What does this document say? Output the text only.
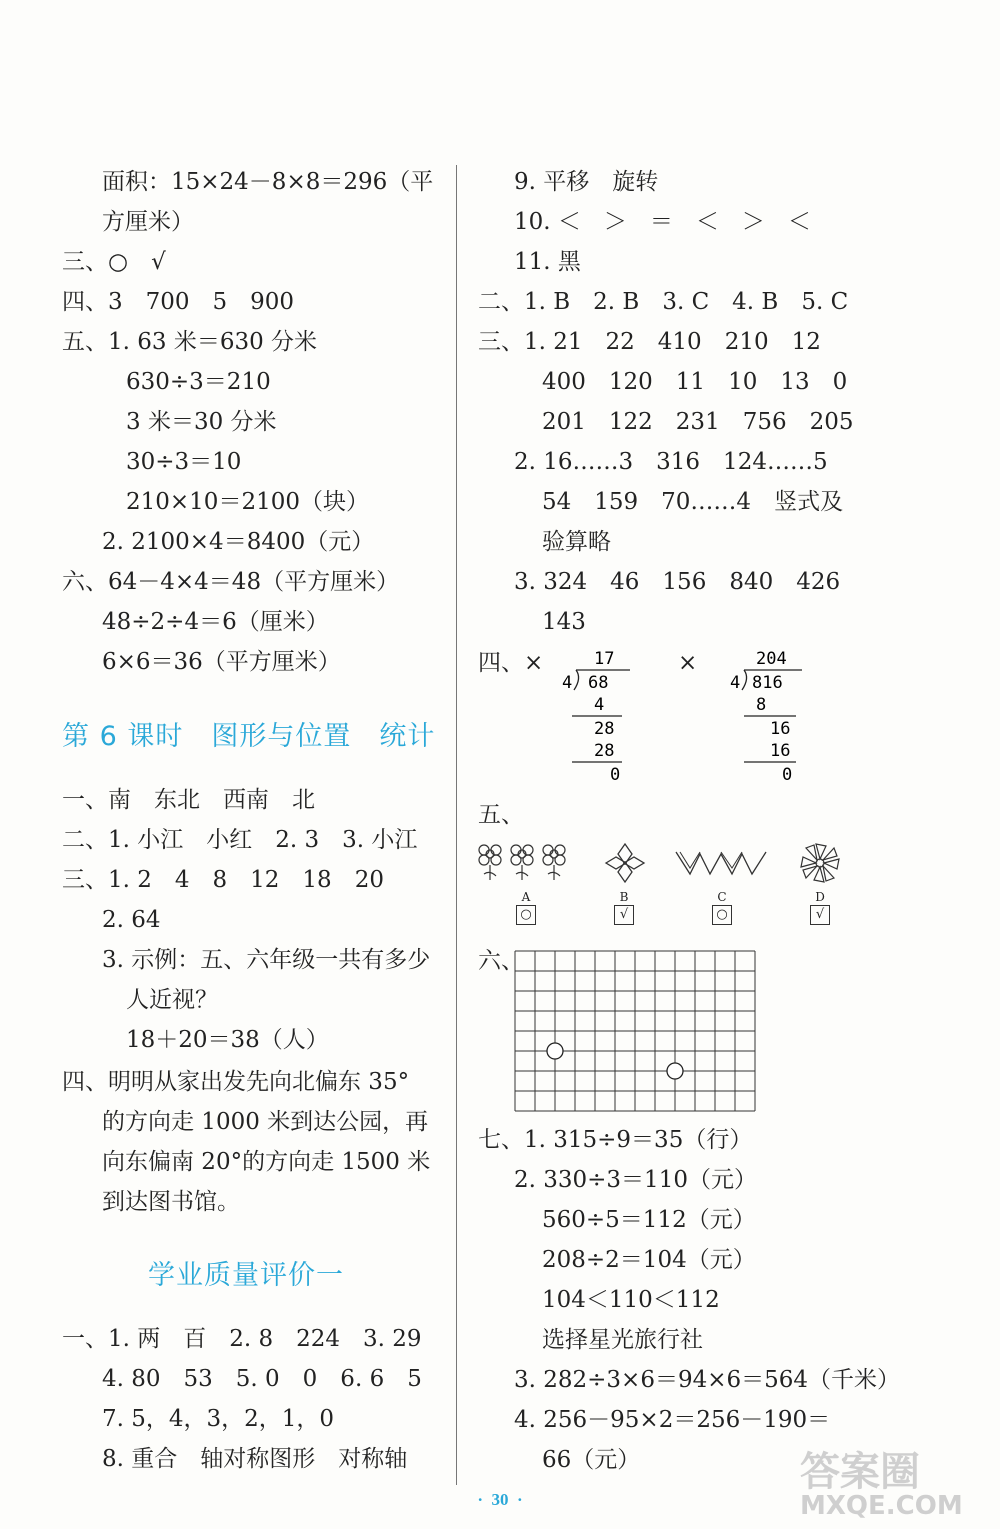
面积：15×24－8×8＝296（平
方厘米）
三、○　√
四、3　700　5　900
五、1. 63 米＝630 分米
630÷3＝210
3 米＝30 分米
30÷3＝10
210×10＝2100（块）
2. 2100×4＝8400（元）
六、64－4×4＝48（平方厘米）
48÷2÷4＝6（厘米）
6×6＝36（平方厘米）
第 6 课时　图形与位置　统计
一、南　东北　西南　北
二、1. 小江　小红　2. 3　3. 小江
三、1. 2　4　8　12　18　20
2. 64
3. 示例：五、六年级一共有多少
人近视？
18＋20＝38（人）
四、明明从家出发先向北偏东 35°
的方向走 1000 米到达公园，再
向东偏南 20°的方向走 1500 米
到达图书馆。
学业质量评价一
一、1. 两　百　2. 8　224　3. 29
4. 80　53　5. 0　0　6. 6　5
7. 5，4，3，2，1，0
8. 重合　轴对称图形　对称轴
9. 平移　旋转
10. ＜　＞　＝　＜　＞　＜
11. 黑
二、1. B　2. B　3. C　4. B　5. C
三、1. 21　22　410　210　12
400　120　11　10　13　0
201　122　231　756　205
2. 16……3　316　124……5
54　159　70……4　竖式及
验算略
3. 324　46　156　840　426
143
四、×	×
17
4 68
4
28
28
0
204
4 816
8
16
16
0
五、
A
○
B
√
C
○
D
√
六、
七、1. 315÷9＝35（行）
2. 330÷3＝110（元）
560÷5＝112（元）
208÷2＝104（元）
104＜110＜112
选择星光旅行社
3. 282÷3×6＝94×6＝564（千米）
4. 256－95×2＝256－190＝
66（元）
·  30  ·
答案圈
MXQE.COM
